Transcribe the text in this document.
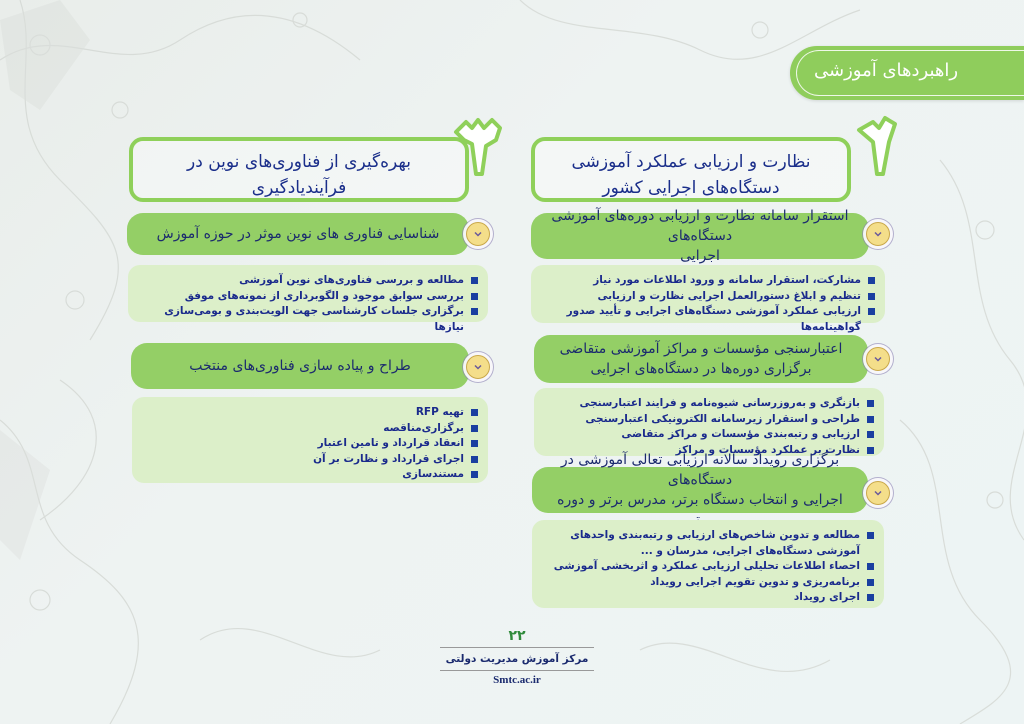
راهبردهای آموزشی
نظارت و ارزیابی عملکرد آموزشی
دستگاه‌های اجرایی کشور
بهره‌گیری از فناوری‌های نوین در
فرآیندیادگیری
استقرار سامانه نظارت و ارزیابی دوره‌های آموزشی دستگاه‌های
اجرایی
مشارکت، استقرار سامانه و ورود اطلاعات مورد نیاز
تنظیم و ابلاغ دستورالعمل اجرایی نظارت و ارزیابی
ارزیابی عملکرد آموزشی دستگاه‌های اجرایی و تأیید صدور گواهینامه‌ها
اعتبارسنجی مؤسسات و مراکز آموزشی متقاضی
برگزاری دوره‌ها در دستگاه‌های اجرایی
بازنگری و به‌روزرسانی شیوه‌نامه و فرایند اعتبارسنجی
طراحی و استقرار زیرسامانه الکترونیکی اعتبارسنجی
ارزیابی و رتبه‌بندی مؤسسات و مراکز متقاضی
نظارت بر عملکرد مؤسسات و مراکز
برگزاری رویداد سالانه ارزیابی تعالی آموزشی در دستگاه‌های
اجرایی و انتخاب دستگاه برتر، مدرس برتر و دوره
مطالعه و تدوین شاخص‌های ارزیابی و رتبه‌بندی واحدهای آموزشی دستگاه‌های اجرایی، مدرسان و ...
احصاء اطلاعات تحلیلی ارزیابی عملکرد و اثربخشی آموزشی
برنامه‌ریزی و تدوین تقویم اجرایی رویداد
اجرای رویداد
شناسایی فناوری های نوین موثر در حوزه آموزش
مطالعه و بررسی فناوری‌های نوین آموزشی
بررسی سوابق موجود و الگوبرداری از نمونه‌های موفق
برگزاری جلسات کارشناسی جهت الویت‌بندی و بومی‌سازی نیازها
طراح و پیاده سازی فناوری‌های منتخب
تهیه RFP
برگزاری‌مناقصه
انعقاد قرارداد و تامین اعتبار
اجرای قرارداد و نظارت بر آن
مستندسازی
۲۲
مرکز آموزش مدیریت دولتی
Smtc.ac.ir
